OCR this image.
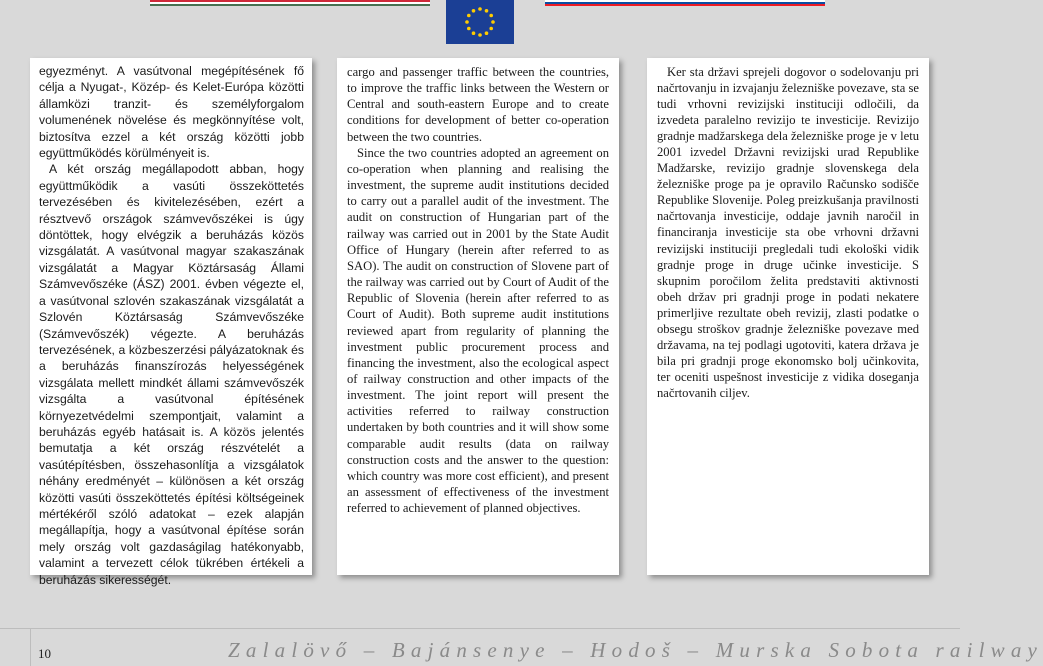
egyezményt. A vasútvonal megépítésének fő célja a Nyugat-, Közép- és Kelet-Európa közötti államközi tranzit- és személyforgalom volumenének növelése és megkönnyítése volt, biztosítva ezzel a két ország közötti jobb együttműködés körülményeit is.

A két ország megállapodott abban, hogy együttműködik a vasúti összeköttetés tervezésében és kivitelezésében, ezért a résztvevő országok számvevőszékei is úgy döntöttek, hogy elvégzik a beruházás közös vizsgálatát. A vasútvonal magyar szakaszának vizsgálatát a Magyar Köztársaság Állami Számvevőszéke (ÁSZ) 2001. évben végezte el, a vasútvonal szlovén szakaszának vizsgálatát a Szlovén Köztársaság Számvevőszéke (Számvevőszék) végezte. A beruházás tervezésének, a közbeszerzési pályázatoknak és a beruházás finanszírozás helyességének vizsgálata mellett mindkét állami számvevőszék vizsgálta a vasútvonal építésének környezetvédelmi szempontjait, valamint a beruházás egyéb hatásait is. A közös jelentés bemutatja a két ország részvételét a vasútépítésben, összehasonlítja a vizsgálatok néhány eredményét – különösen a két ország közötti vasúti összeköttetés építési költségeinek mértékéről szóló adatokat – ezek alapján megállapítja, hogy a vasútvonal építése során mely ország volt gazdaságilag hatékonyabb, valamint a tervezett célok tükrében értékeli a beruházás sikerességét.

cargo and passenger traffic between the countries, to improve the traffic links between the Western or Central and south-eastern Europe and to create conditions for development of better co-operation between the two countries.

Since the two countries adopted an agreement on co-operation when planning and realising the investment, the supreme audit institutions decided to carry out a parallel audit of the investment. The audit on construction of Hungarian part of the railway was carried out in 2001 by the State Audit Office of Hungary (herein after referred to as SAO). The audit on construction of Slovene part of the railway was carried out by Court of Audit of the Republic of Slovenia (herein after referred to as Court of Audit). Both supreme audit institutions reviewed apart from regularity of planning the investment public procurement process and financing the investment, also the ecological aspect of railway construction and other impacts of the investment. The joint report will present the activities referred to railway construction undertaken by both countries and it will show some comparable audit results (data on railway construction costs and the answer to the question: which country was more cost efficient), and present an assessment of effectiveness of the investment referred to achievement of planned objectives.

Ker sta državi sprejeli dogovor o sodelovanju pri načrtovanju in izvajanju železniške povezave, sta se tudi vrhovni revizijski instituciji odločili, da izvedeta paralelno revizijo te investicije. Revizijo gradnje madžarskega dela železniške proge je v letu 2001 izvedel Državni revizijski urad Republike Madžarske, revizijo gradnje slovenskega dela železniške proge pa je opravilo Računsko sodišče Republike Slovenije. Poleg preizkušanja pravilnosti načrtovanja investicije, oddaje javnih naročil in financiranja investicije sta obe vrhovni državni revizijski instituciji pregledali tudi ekološki vidik gradnje proge in druge učinke investicije. S skupnim poročilom želita predstaviti aktivnosti obeh držav pri gradnji proge in podati nekatere primerljive rezultate obeh revizij, zlasti podatke o obsegu stroškov gradnje železniške povezave med državama, na tej podlagi ugotoviti, katera država je bila pri gradnji proge ekonomsko bolj učinkovita, ter oceniti uspešnost investicije z vidika doseganja načrtovanih ciljev.

10	Zalalövő – Bajánsenye – Hodoš – Murska Sobota railway
